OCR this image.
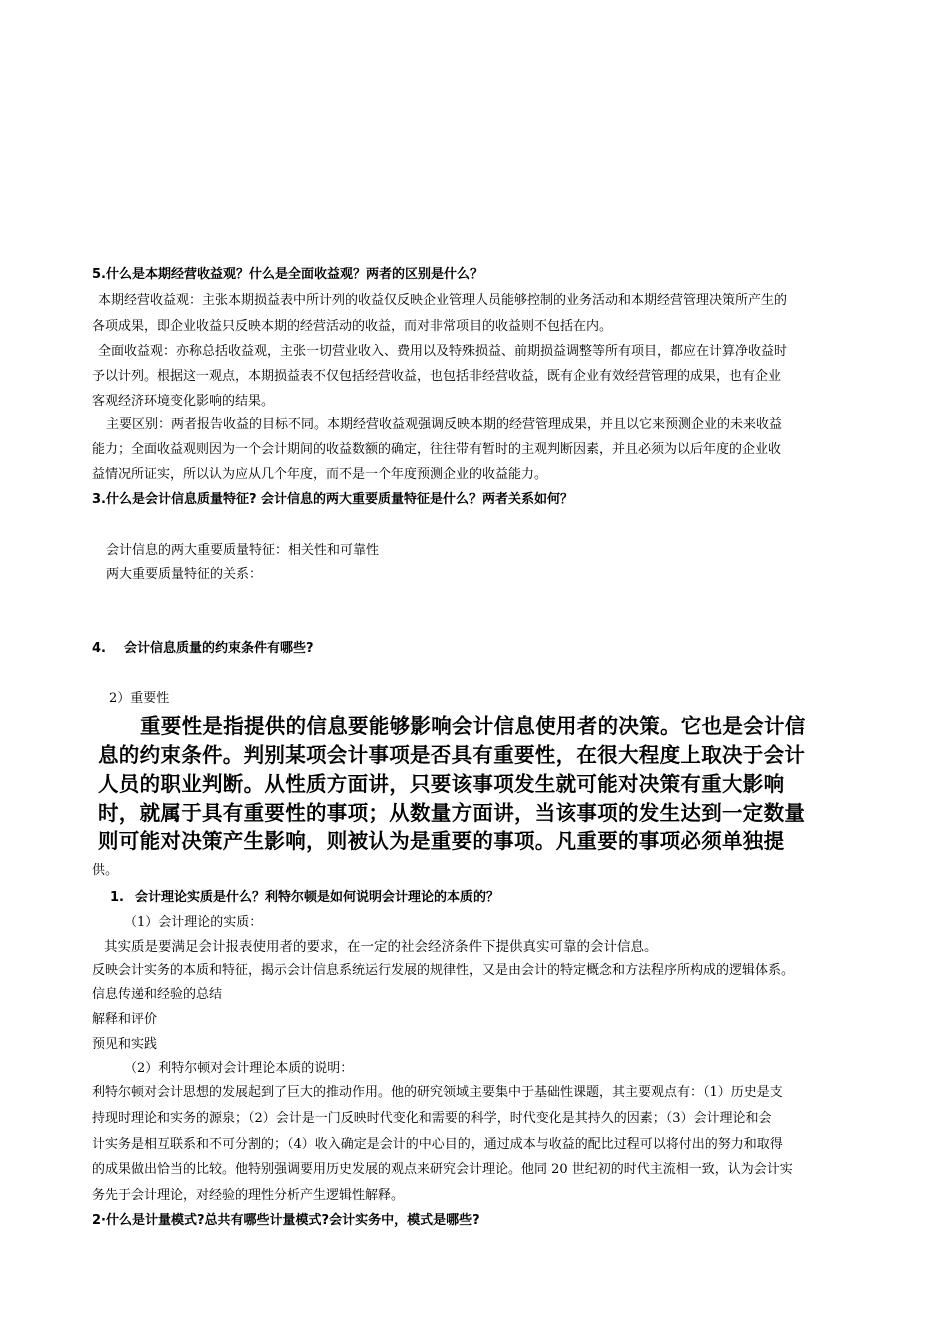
5.什么是本期经营收益观？什么是全面收益观？两者的区别是什么？
本期经营收益观：主张本期损益表中所计列的收益仅反映企业管理人员能够控制的业务活动和本期经营管理决策所产生的
各项成果，即企业收益只反映本期的经营活动的收益，而对非常项目的收益则不包括在内。
全面收益观：亦称总括收益观，主张一切营业收入、费用以及特殊损益、前期损益调整等所有项目，都应在计算净收益时
予以计列。根据这一观点，本期损益表不仅包括经营收益，也包括非经营收益，既有企业有效经营管理的成果，也有企业
客观经济环境变化影响的结果。
主要区别：两者报告收益的目标不同。本期经营收益观强调反映本期的经营管理成果，并且以它来预测企业的未来收益
能力；全面收益观则因为一个会计期间的收益数额的确定，往往带有暂时的主观判断因素，并且必须为以后年度的企业收
益情况所证实，所以认为应从几个年度，而不是一个年度预测企业的收益能力。
3.什么是会计信息质量特征? 会计信息的两大重要质量特征是什么？两者关系如何？
会计信息的两大重要质量特征：相关性和可靠性
两大重要质量特征的关系：
4.	会计信息质量的约束条件有哪些?
2）重要性
重要性是指提供的信息要能够影响会计信息使用者的决策。它也是会计信
息的约束条件。判别某项会计事项是否具有重要性，在很大程度上取决于会计
人员的职业判断。从性质方面讲，只要该事项发生就可能对决策有重大影响
时，就属于具有重要性的事项；从数量方面讲，当该事项的发生达到一定数量
则可能对决策产生影响，则被认为是重要的事项。凡重要的事项必须单独提
供。
1. 会计理论实质是什么？利特尔顿是如何说明会计理论的本质的？
（1）会计理论的实质：
其实质是要满足会计报表使用者的要求，在一定的社会经济条件下提供真实可靠的会计信息。
反映会计实务的本质和特征，揭示会计信息系统运行发展的规律性，又是由会计的特定概念和方法程序所构成的逻辑体系。
信息传递和经验的总结
解释和评价
预见和实践
（2）利特尔顿对会计理论本质的说明：
利特尔顿对会计思想的发展起到了巨大的推动作用。他的研究领域主要集中于基础性课题，其主要观点有：（1）历史是支
持现时理论和实务的源泉；（2）会计是一门反映时代变化和需要的科学，时代变化是其持久的因素；（3）会计理论和会
计实务是相互联系和不可分割的；（4）收入确定是会计的中心目的，通过成本与收益的配比过程可以将付出的努力和取得
的成果做出恰当的比较。他特别强调要用历史发展的观点来研究会计理论。他同 20 世纪初的时代主流相一致，认为会计实
务先于会计理论，对经验的理性分析产生逻辑性解释。
2·什么是计量模式?总共有哪些计量模式?会计实务中，模式是哪些?
